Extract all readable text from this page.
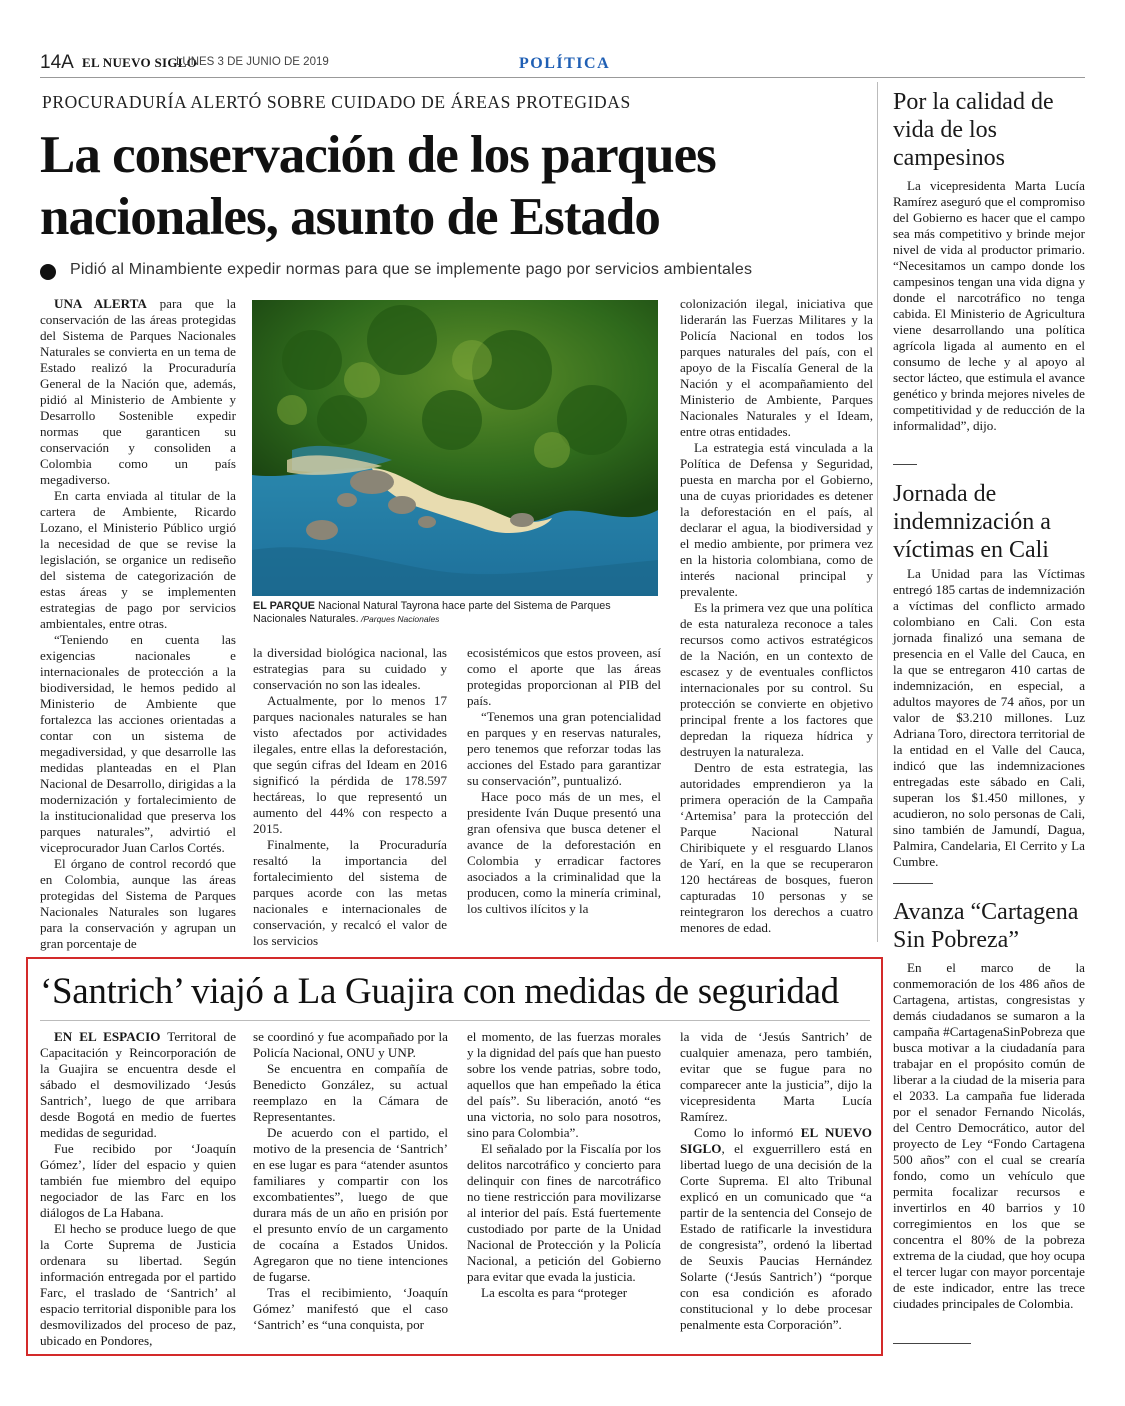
14A EL NUEVO SIGLO
LUNES 3 DE JUNIO DE 2019	POLÍTICA
PROCURADURÍA ALERTÓ SOBRE CUIDADO DE ÁREAS PROTEGIDAS
La conservación de los parques nacionales, asunto de Estado
Pidió al Minambiente expedir normas para que se implemente pago por servicios ambientales

UNA ALERTA para que la conservación de las áreas protegidas del Sistema de Parques Nacionales Naturales se convierta en un tema de Estado realizó la Procuraduría General de la Nación que, además, pidió al Ministerio de Ambiente y Desarrollo Sostenible expedir normas que garanticen su conservación y consoliden a Colombia como un país megadiverso.

En carta enviada al titular de la cartera de Ambiente, Ricardo Lozano, el Ministerio Público urgió la necesidad de que se revise la legislación, se organice un rediseño del sistema de categorización de estas áreas y se implementen estrategias de pago por servicios ambientales, entre otras.

“Teniendo en cuenta las exigencias nacionales e internacionales de protección a la biodiversidad, le hemos pedido al Ministerio de Ambiente que fortalezca las acciones orientadas a contar con un sistema de megadiversidad, y que desarrolle las medidas planteadas en el Plan Nacional de Desarrollo, dirigidas a la modernización y fortalecimiento de la institucionalidad que preserva los parques naturales”, advirtió el viceprocurador Juan Carlos Cortés.

El órgano de control recordó que en Colombia, aunque las áreas protegidas del Sistema de Parques Nacionales Naturales son lugares para la conservación y agrupan un gran porcentaje de

EL PARQUE Nacional Natural Tayrona hace parte del Sistema de Parques Nacionales Naturales. /Parques Nacionales

la diversidad biológica nacional, las estrategias para su cuidado y conservación no son las ideales.

Actualmente, por lo menos 17 parques nacionales naturales se han visto afectados por actividades ilegales, entre ellas la deforestación, que según cifras del Ideam en 2016 significó la pérdida de 178.597 hectáreas, lo que representó un aumento del 44% con respecto a 2015.

Finalmente, la Procuraduría resaltó la importancia del fortalecimiento del sistema de parques acorde con las metas nacionales e internacionales de conservación, y recalcó el valor de los servicios

ecosistémicos que estos proveen, así como el aporte que las áreas protegidas proporcionan al PIB del país.

“Tenemos una gran potencialidad en parques y en reservas naturales, pero tenemos que reforzar todas las acciones del Estado para garantizar su conservación”, puntualizó.

Hace poco más de un mes, el presidente Iván Duque presentó una gran ofensiva que busca detener el avance de la deforestación en Colombia y erradicar factores asociados a la criminalidad que la producen, como la minería criminal, los cultivos ilícitos y la

colonización ilegal, iniciativa que liderarán las Fuerzas Militares y la Policía Nacional en todos los parques naturales del país, con el apoyo de la Fiscalía General de la Nación y el acompañamiento del Ministerio de Ambiente, Parques Nacionales Naturales y el Ideam, entre otras entidades.

La estrategia está vinculada a la Política de Defensa y Seguridad, puesta en marcha por el Gobierno, una de cuyas prioridades es detener la deforestación en el país, al declarar el agua, la biodiversidad y el medio ambiente, por primera vez en la historia colombiana, como de interés nacional principal y prevalente.

Es la primera vez que una política de esta naturaleza reconoce a tales recursos como activos estratégicos de la Nación, en un contexto de escasez y de eventuales conflictos internacionales por su control. Su protección se convierte en objetivo principal frente a los factores que depredan la riqueza hídrica y destruyen la naturaleza.

Dentro de esta estrategia, las autoridades emprendieron ya la primera operación de la Campaña ‘Artemisa’ para la protección del Parque Nacional Natural Chiribiquete y el resguardo Llanos de Yarí, en la que se recuperaron 120 hectáreas de bosques, fueron capturadas 10 personas y se reintegraron los derechos a cuatro menores de edad.

Por la calidad de vida de los campesinos

La vicepresidenta Marta Lucía Ramírez aseguró que el compromiso del Gobierno es hacer que el campo sea más competitivo y brinde mejor nivel de vida al productor primario. “Necesitamos un campo donde los campesinos tengan una vida digna y donde el narcotráfico no tenga cabida. El Ministerio de Agricultura viene desarrollando una política agrícola ligada al aumento en el consumo de leche y al apoyo al sector lácteo, que estimula el avance genético y brinda mejores niveles de competitividad y de reducción de la informalidad”, dijo.

Jornada de indemnización a víctimas en Cali

La Unidad para las Víctimas entregó 185 cartas de indemnización a víctimas del conflicto armado colombiano en Cali. Con esta jornada finalizó una semana de presencia en el Valle del Cauca, en la que se entregaron 410 cartas de indemnización, en especial, a adultos mayores de 74 años, por un valor de $3.210 millones. Luz Adriana Toro, directora territorial de la entidad en el Valle del Cauca, indicó que las indemnizaciones entregadas este sábado en Cali, superan los $1.450 millones, y acudieron, no solo personas de Cali, sino también de Jamundí, Dagua, Palmira, Candelaria, El Cerrito y La Cumbre.

Avanza “Cartagena Sin Pobreza”

En el marco de la conmemoración de los 486 años de Cartagena, artistas, congresistas y demás ciudadanos se sumaron a la campaña #CartagenaSinPobreza que busca motivar a la ciudadanía para trabajar en el propósito común de liberar a la ciudad de la miseria para el 2033. La campaña fue liderada por el senador Fernando Nicolás, del Centro Democrático, autor del proyecto de Ley “Fondo Cartagena 500 años” con el cual se crearía fondo, como un vehículo que permita focalizar recursos e invertirlos en 40 barrios y 10 corregimientos en los que se concentra el 80% de la pobreza extrema de la ciudad, que hoy ocupa el tercer lugar con mayor porcentaje de este indicador, entre las trece ciudades principales de Colombia.

‘Santrich’ viajó a La Guajira con medidas de seguridad

EN EL ESPACIO Territoral de Capacitación y Reincorporación de la Guajira se encuentra desde el sábado el desmovilizado ‘Jesús Santrich’, luego de que arribara desde Bogotá en medio de fuertes medidas de seguridad.

Fue recibido por ‘Joaquín Gómez’, líder del espacio y quien también fue miembro del equipo negociador de las Farc en los diálogos de La Habana.

El hecho se produce luego de que la Corte Suprema de Justicia ordenara su libertad. Según información entregada por el partido Farc, el traslado de ‘Santrich’ al espacio territorial disponible para los desmovilizados del proceso de paz, ubicado en Pondores,

se coordinó y fue acompañado por la Policía Nacional, ONU y UNP.

Se encuentra en compañía de Benedicto González, su actual reemplazo en la Cámara de Representantes.

De acuerdo con el partido, el motivo de la presencia de ‘Santrich’ en ese lugar es para “atender asuntos familiares y compartir con los excombatientes”, luego de que durara más de un año en prisión por el presunto envío de un cargamento de cocaína a Estados Unidos. Agregaron que no tiene intenciones de fugarse.

Tras el recibimiento, ‘Joaquín Gómez’ manifestó que el caso ‘Santrich’ es “una conquista, por

el momento, de las fuerzas morales y la dignidad del país que han puesto sobre los vende patrias, sobre todo, aquellos que han empeñado la ética del país”. Su liberación, anotó “es una victoria, no solo para nosotros, sino para Colombia”.

El señalado por la Fiscalía por los delitos narcotráfico y concierto para delinquir con fines de narcotráfico no tiene restricción para movilizarse al interior del país. Está fuertemente custodiado por parte de la Unidad Nacional de Protección y la Policía Nacional, a petición del Gobierno para evitar que evada la justicia.

La escolta es para “proteger

la vida de ‘Jesús Santrich’ de cualquier amenaza, pero también, evitar que se fugue para no comparecer ante la justicia”, dijo la vicepresidenta Marta Lucía Ramírez.

Como lo informó EL NUEVO SIGLO, el exguerrillero está en libertad luego de una decisión de la Corte Suprema. El alto Tribunal explicó en un comunicado que “a partir de la sentencia del Consejo de Estado de ratificarle la investidura de congresista”, ordenó la libertad de Seuxis Paucias Hernández Solarte (‘Jesús Santrich’) “porque con esa condición es aforado constitucional y lo debe procesar penalmente esta Corporación”.
